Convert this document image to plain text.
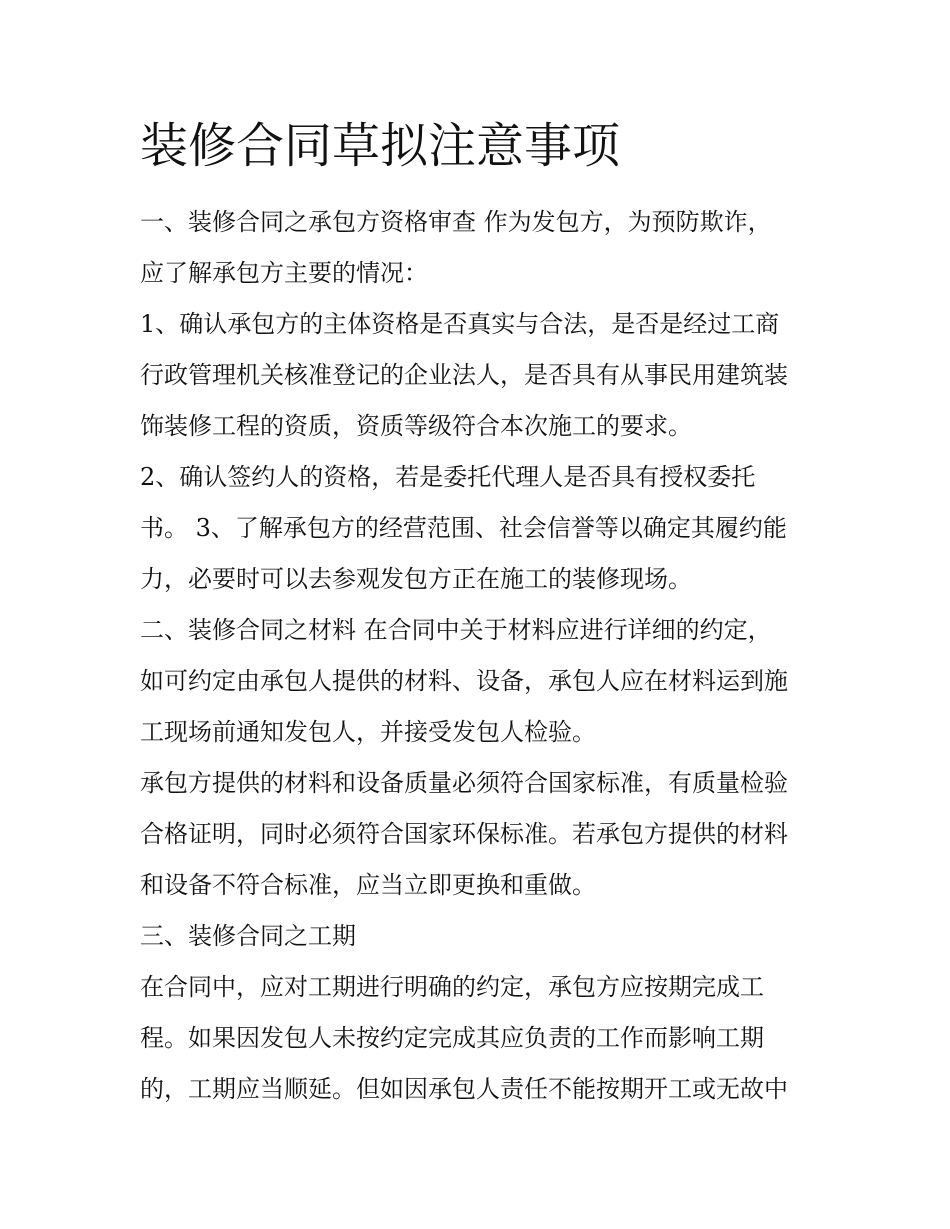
装修合同草拟注意事项
一、装修合同之承包方资格审查 作为发包方，为预防欺诈，
应了解承包方主要的情况：
1、确认承包方的主体资格是否真实与合法，是否是经过工商
行政管理机关核准登记的企业法人，是否具有从事民用建筑装
饰装修工程的资质，资质等级符合本次施工的要求。
2、确认签约人的资格，若是委托代理人是否具有授权委托
书。 3、了解承包方的经营范围、社会信誉等以确定其履约能
力，必要时可以去参观发包方正在施工的装修现场。
二、装修合同之材料 在合同中关于材料应进行详细的约定，
如可约定由承包人提供的材料、设备，承包人应在材料运到施
工现场前通知发包人，并接受发包人检验。
承包方提供的材料和设备质量必须符合国家标准，有质量检验
合格证明，同时必须符合国家环保标准。若承包方提供的材料
和设备不符合标准，应当立即更换和重做。
三、装修合同之工期
在合同中，应对工期进行明确的约定，承包方应按期完成工
程。如果因发包人未按约定完成其应负责的工作而影响工期
的，工期应当顺延。但如因承包人责任不能按期开工或无故中
